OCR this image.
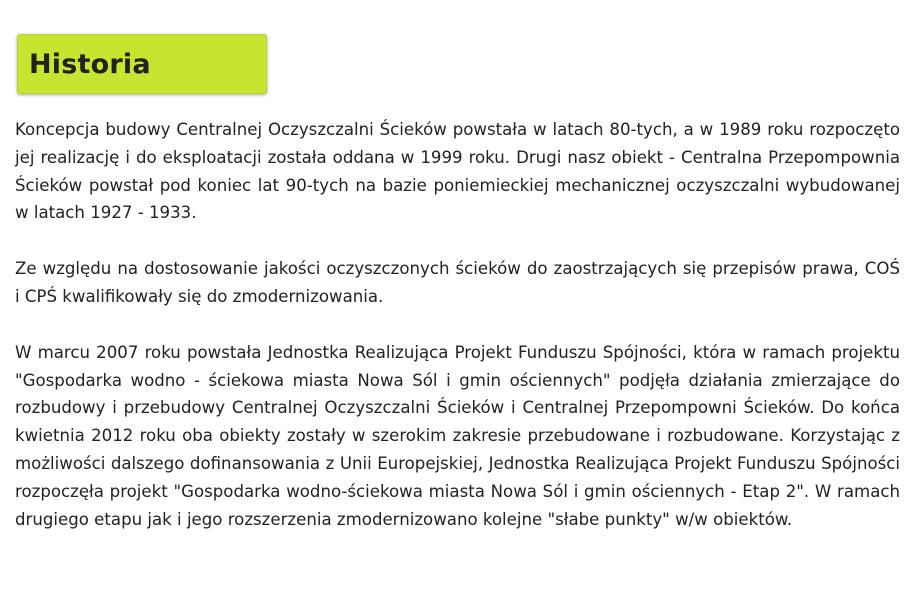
Historia

Koncepcja budowy Centralnej Oczyszczalni Ścieków powstała w latach 80-tych, a w 1989 roku rozpoczęto jej realizację i do eksploatacji została oddana w 1999 roku. Drugi nasz obiekt - Centralna Przepompownia Ścieków powstał pod koniec lat 90-tych na bazie poniemieckiej mechanicznej oczyszczalni wybudowanej w latach 1927 - 1933.

Ze względu na dostosowanie jakości oczyszczonych ścieków do zaostrzających się przepisów prawa, COŚ i CPŚ kwalifikowały się do zmodernizowania.

W marcu 2007 roku powstała Jednostka Realizująca Projekt Funduszu Spójności, która w ramach projektu "Gospodarka wodno - ściekowa miasta Nowa Sól i gmin ościennych" podjęła działania zmierzające do rozbudowy i przebudowy Centralnej Oczyszczalni Ścieków i Centralnej Przepompowni Ścieków. Do końca kwietnia 2012 roku oba obiekty zostały w szerokim zakresie przebudowane i rozbudowane. Korzystając z możliwości dalszego dofinansowania z Unii Europejskiej, Jednostka Realizująca Projekt Funduszu Spójności rozpoczęła projekt "Gospodarka wodno-ściekowa miasta Nowa Sól i gmin ościennych - Etap 2". W ramach drugiego etapu jak i jego rozszerzenia zmodernizowano kolejne "słabe punkty" w/w obiektów.
